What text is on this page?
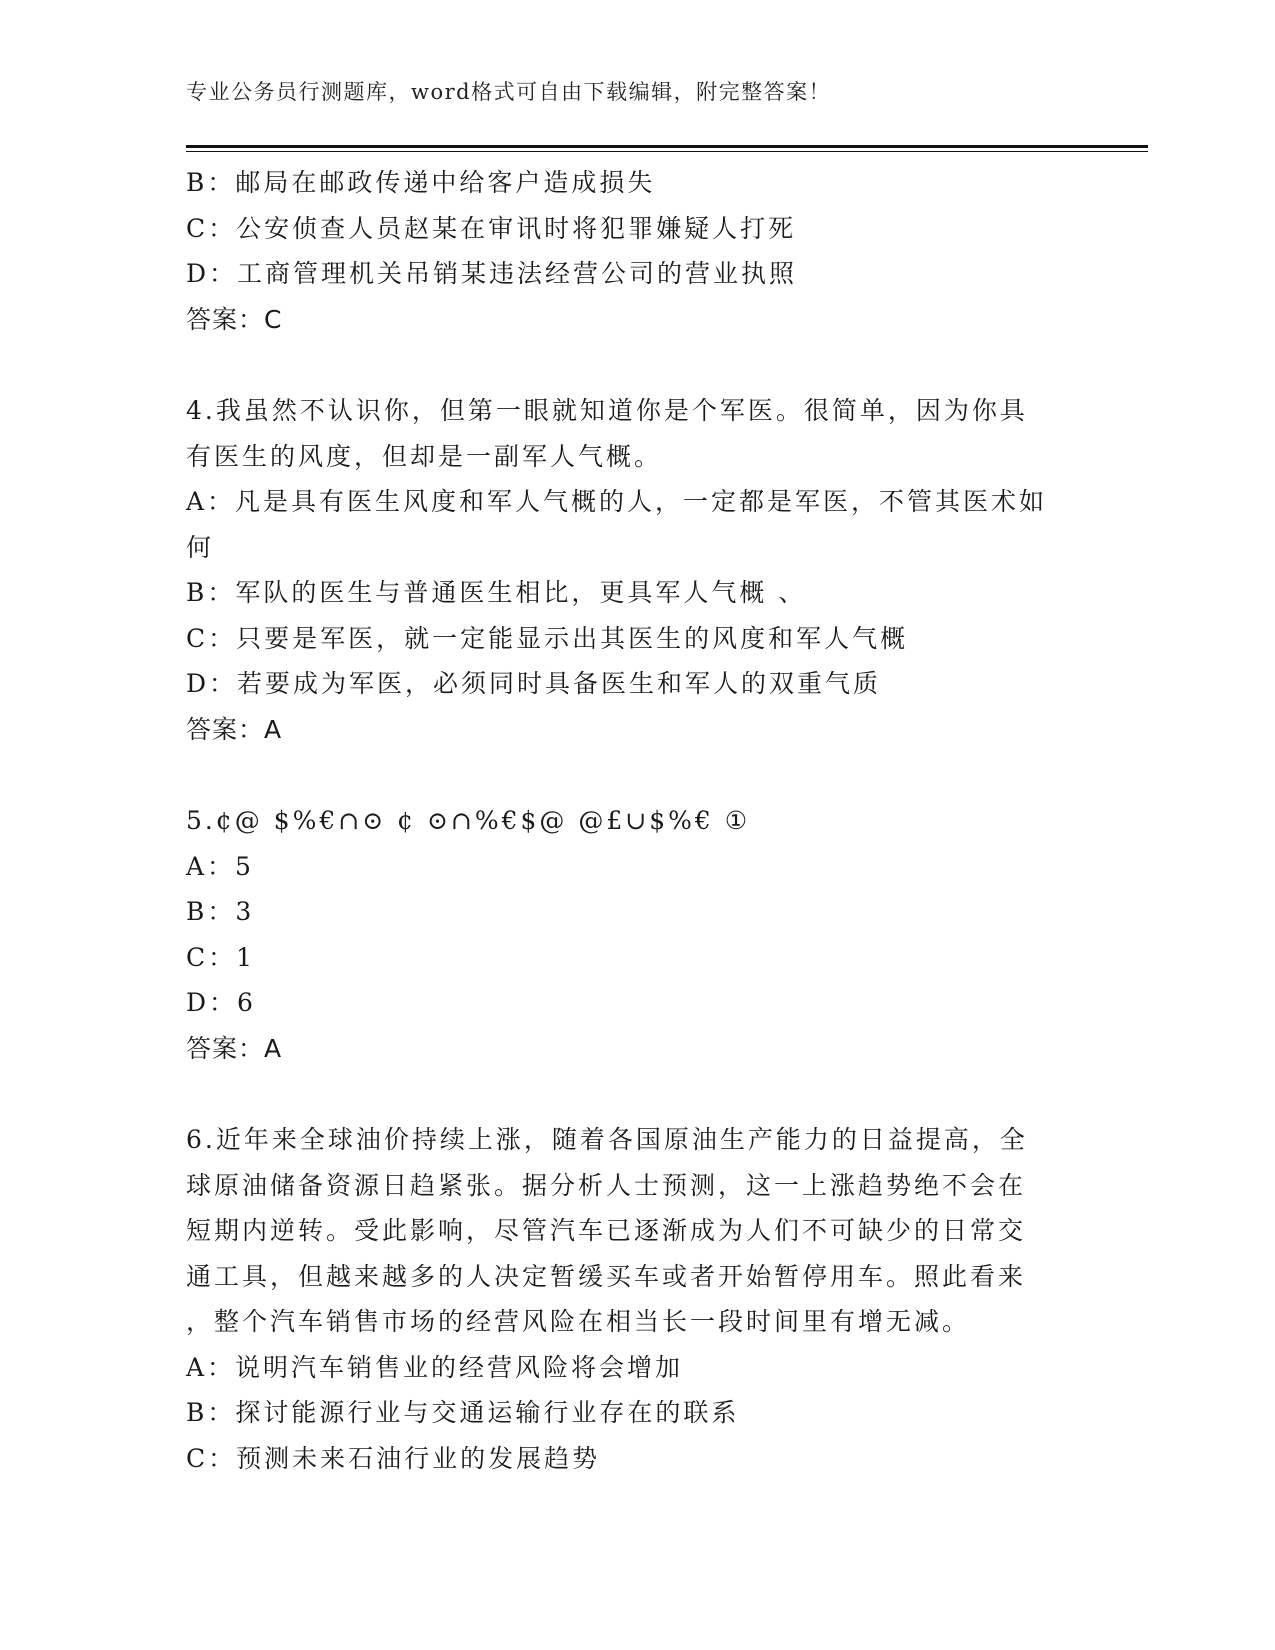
专业公务员行测题库，word格式可自由下载编辑，附完整答案！

B：邮局在邮政传递中给客户造成损失

C：公安侦查人员赵某在审讯时将犯罪嫌疑人打死

D：工商管理机关吊销某违法经营公司的营业执照

答案：C

4.我虽然不认识你，但第一眼就知道你是个军医。很简单，因为你具

有医生的风度，但却是一副军人气概。

A：凡是具有医生风度和军人气概的人，一定都是军医，不管其医术如

何

B：军队的医生与普通医生相比，更具军人气概 、

C：只要是军医，就一定能显示出其医生的风度和军人气概

D：若要成为军医，必须同时具备医生和军人的双重气质

答案：A

5.¢@ $%€∩⊙ ¢ ⊙∩%€$@ @£∪$%€ ①

A：5

B：3

C：1

D：6

答案：A

6.近年来全球油价持续上涨，随着各国原油生产能力的日益提高，全

球原油储备资源日趋紧张。据分析人士预测，这一上涨趋势绝不会在

短期内逆转。受此影响，尽管汽车已逐渐成为人们不可缺少的日常交

通工具，但越来越多的人决定暂缓买车或者开始暂停用车。照此看来

，整个汽车销售市场的经营风险在相当长一段时间里有增无减。

A：说明汽车销售业的经营风险将会增加

B：探讨能源行业与交通运输行业存在的联系

C：预测未来石油行业的发展趋势
